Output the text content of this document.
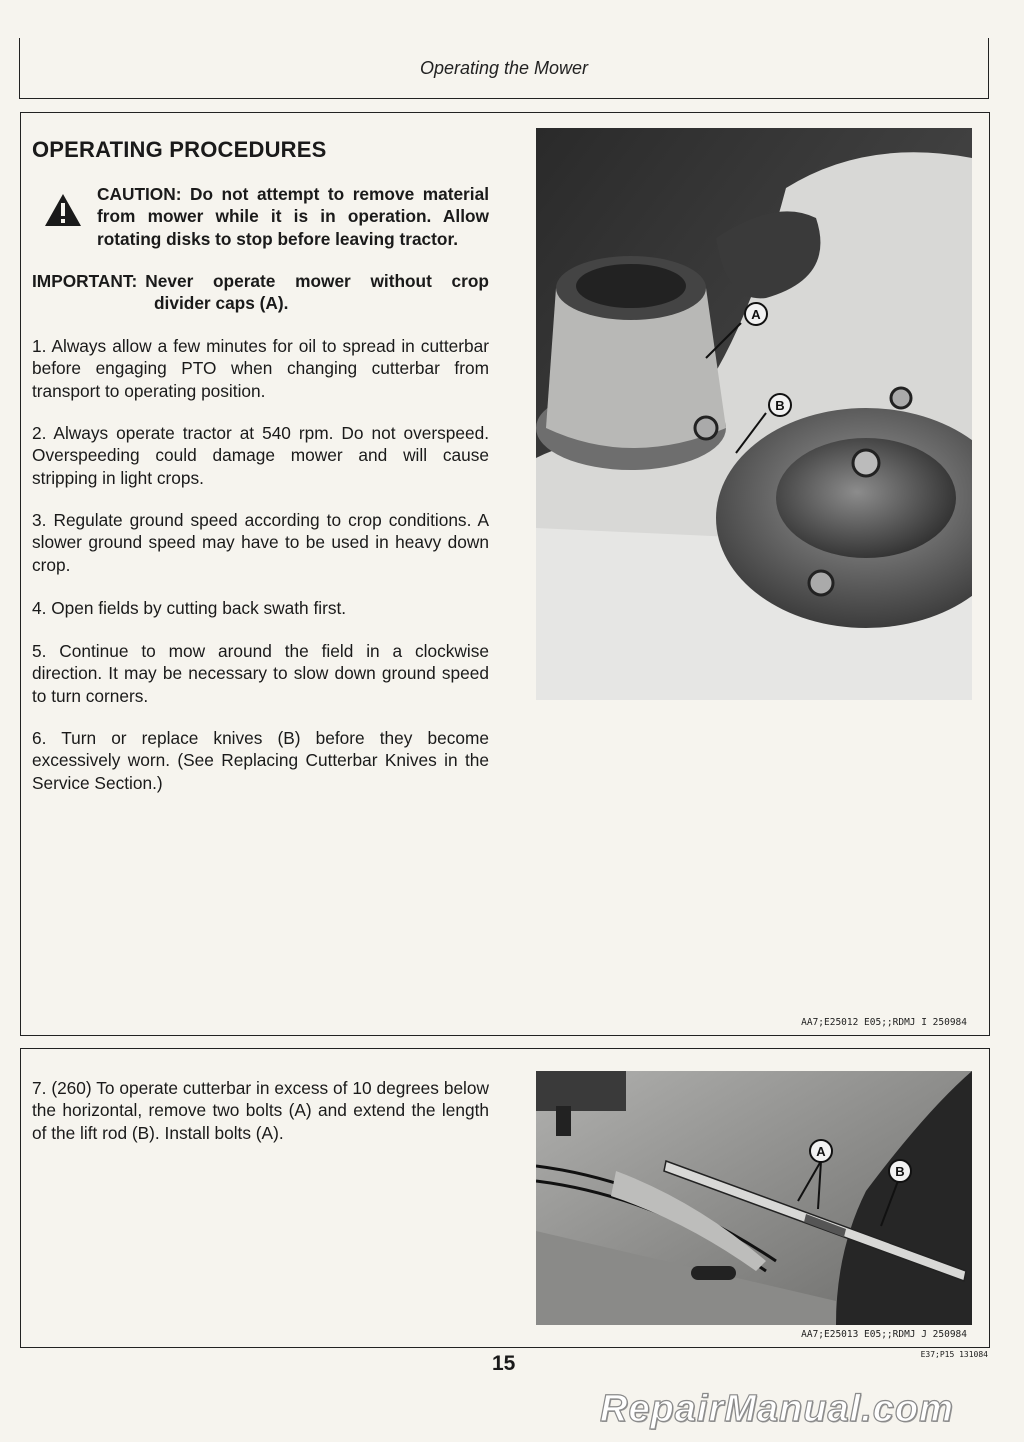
Operating the Mower
OPERATING PROCEDURES
CAUTION: Do not attempt to remove material from mower while it is in operation. Allow rotating disks to stop before leaving tractor.
IMPORTANT: Never operate mower without crop
divider caps (A).
1. Always allow a few minutes for oil to spread in cutterbar before engaging PTO when changing cutterbar from transport to operating position.
2. Always operate tractor at 540 rpm. Do not overspeed. Overspeeding could damage mower and will cause stripping in light crops.
3. Regulate ground speed according to crop conditions. A slower ground speed may have to be used in heavy down crop.
4. Open fields by cutting back swath first.
5. Continue to mow around the field in a clockwise direction. It may be necessary to slow down ground speed to turn corners.
6. Turn or replace knives (B) before they become excessively worn. (See Replacing Cutterbar Knives in the Service Section.)
A
B
AA7;E25012 E05;;RDMJ I 250984
7. (260) To operate cutterbar in excess of 10 degrees below the horizontal, remove two bolts (A) and extend the length of the lift rod (B). Install bolts (A).
A
B
AA7;E25013 E05;;RDMJ J 250984
15	E37;P15 131084
RepairManual.com
